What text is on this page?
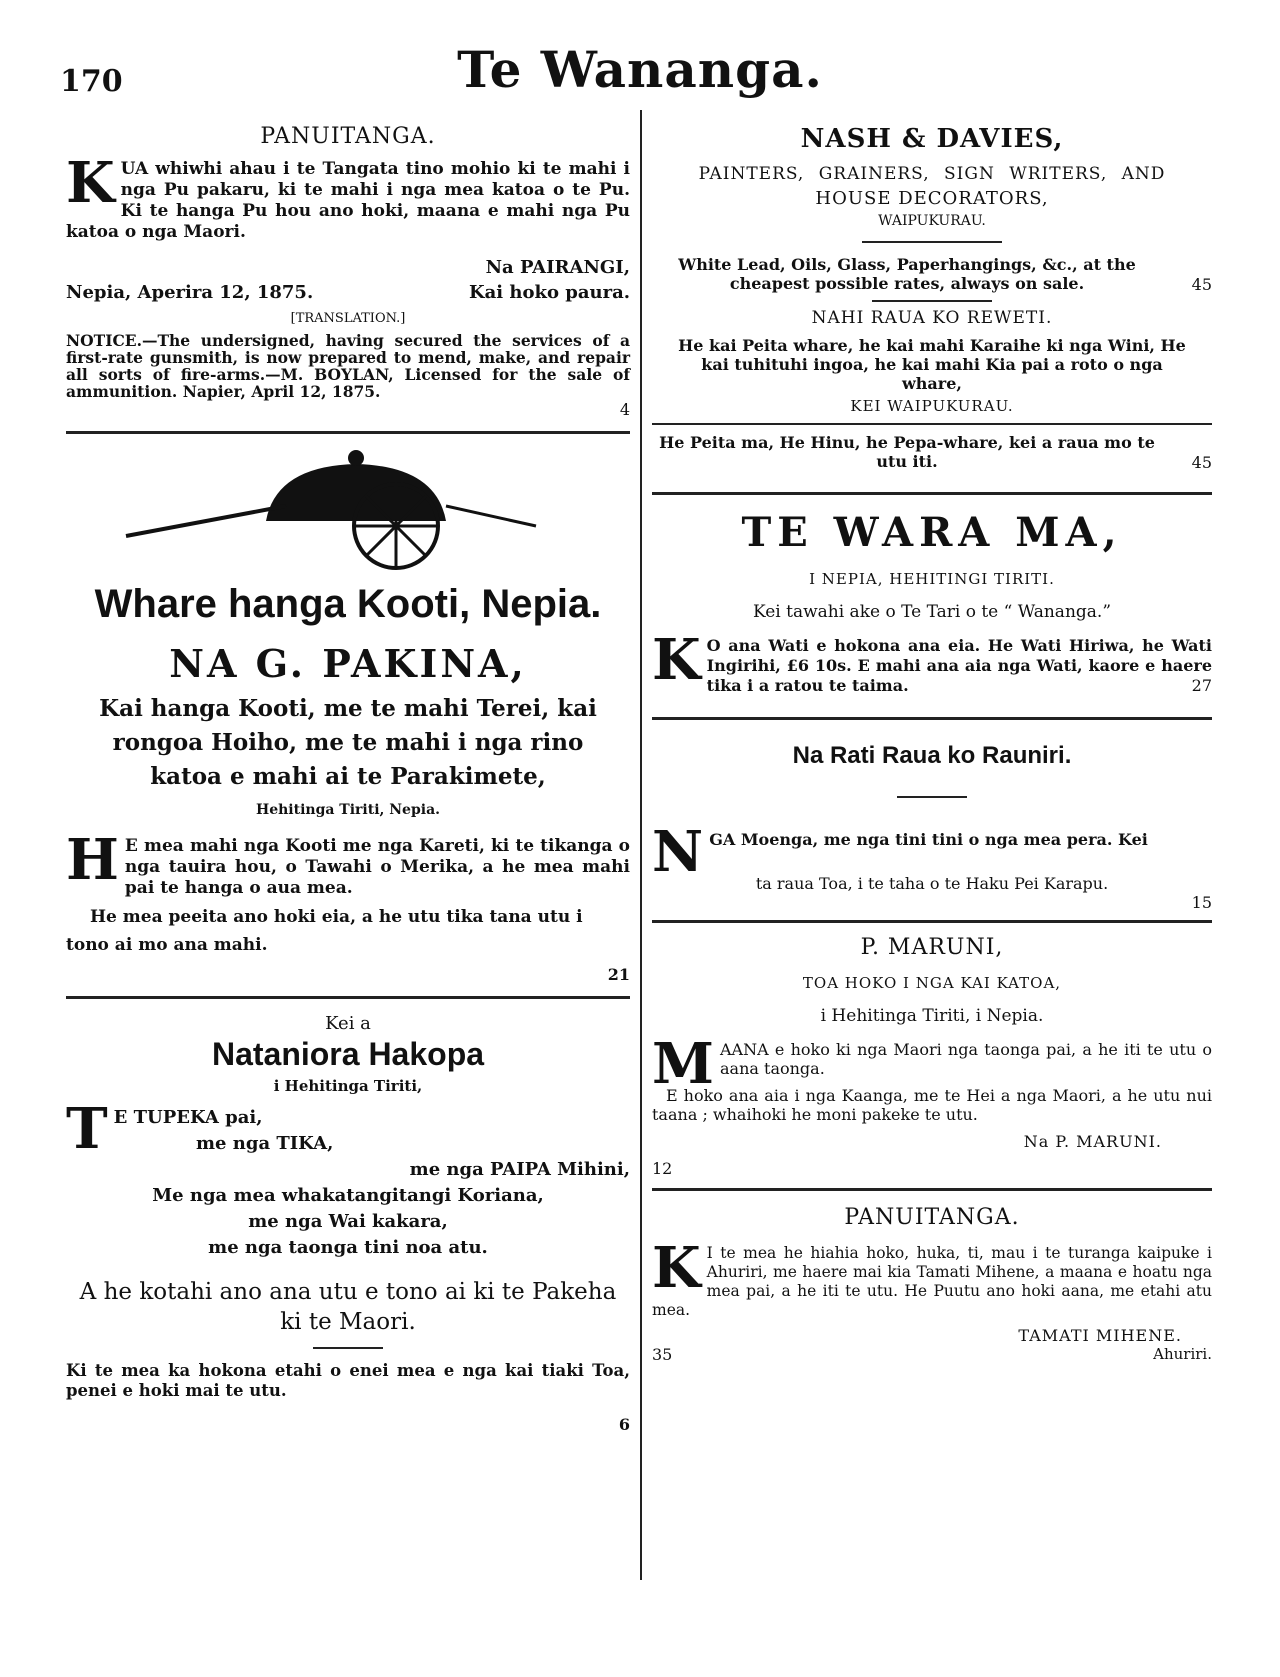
170	Te Wananga.
PANUITANGA.
KUA whiwhi ahau i te Tangata tino mohio ki te mahi i nga Pu pakaru, ki te mahi i nga mea katoa o te Pu. Ki te hanga Pu hou ano hoki, maana e mahi nga Pu katoa o nga Maori.
Na PAIRANGI,
Nepia, Aperira 12, 1875.	Kai hoko paura.
[TRANSLATION.]
NOTICE.—The undersigned, having secured the services of a first-rate gunsmith, is now prepared to mend, make, and repair all sorts of fire-arms.—M. BOYLAN, Licensed for the sale of ammunition. Napier, April 12, 1875.
4
Whare hanga Kooti, Nepia.
NA G. PAKINA,
Kai hanga Kooti, me te mahi Terei, kai
rongoa Hoiho, me te mahi i nga rino
katoa e mahi ai te Parakimete,
Hehitinga Tiriti, Nepia.
H E mea mahi nga Kooti me nga Kareti, ki te tikanga o nga tauira hou, o Tawahi o Merika, a he mea mahi pai te hanga o aua mea.
He mea peeita ano hoki eia, a he utu tika tana utu i tono ai mo ana mahi.
21
Kei a
Nataniora Hakopa
i Hehitinga Tiriti,
T E TUPEKA pai,
me nga TIKA,
me nga PAIPA Mihini,
Me nga mea whakatangitangi Koriana,
me nga Wai kakara,
me nga taonga tini noa atu.
A he kotahi ano ana utu e tono ai ki te Pakeha ki te Maori.
Ki te mea ka hokona etahi o enei mea e nga kai tiaki Toa, penei e hoki mai te utu.
6
NASH & DAVIES,
PAINTERS, GRAINERS, SIGN WRITERS, AND
HOUSE DECORATORS,
WAIPUKURAU.
White Lead, Oils, Glass, Paperhangings, &c., at the cheapest possible rates, always on sale.	45
NAHI RAUA KO REWETI.
He kai Peita whare, he kai mahi Karaihe ki nga Wini, He kai tuhituhi ingoa, he kai mahi Kia pai a roto o nga whare,
KEI WAIPUKURAU.
He Peita ma, He Hinu, he Pepa-whare, kei a raua mo te utu iti.	45
TE WARA MA,
I NEPIA, HEHITINGI TIRITI.
Kei tawahi ake o Te Tari o te “ Wananga.”
K O ana Wati e hokona ana eia. He Wati Hiriwa, he Wati Ingirihi, £6 10s. E mahi ana aia nga Wati, kaore e haere tika i a ratou te taima.	27
Na Rati Raua ko Rauniri.
NGA Moenga, me nga tini tini o nga mea pera. Kei
ta raua Toa, i te taha o te Haku Pei Karapu.
15
P. MARUNI,
TOA HOKO I NGA KAI KATOA,
i Hehitinga Tiriti, i Nepia.
MAANA e hoko ki nga Maori nga taonga pai, a he iti te utu o aana taonga.
E hoko ana aia i nga Kaanga, me te Hei a nga Maori, a he utu nui taana ; whaihoki he moni pakeke te utu.
Na P. MARUNI.
12
PANUITANGA.
K I te mea he hiahia hoko, huka, ti, mau i te turanga kaipuke i Ahuriri, me haere mai kia Tamati Mihene, a maana e hoatu nga mea pai, a he iti te utu. He Puutu ano hoki aana, me etahi atu mea.
TAMATI MIHENE.
Ahuriri.
35
